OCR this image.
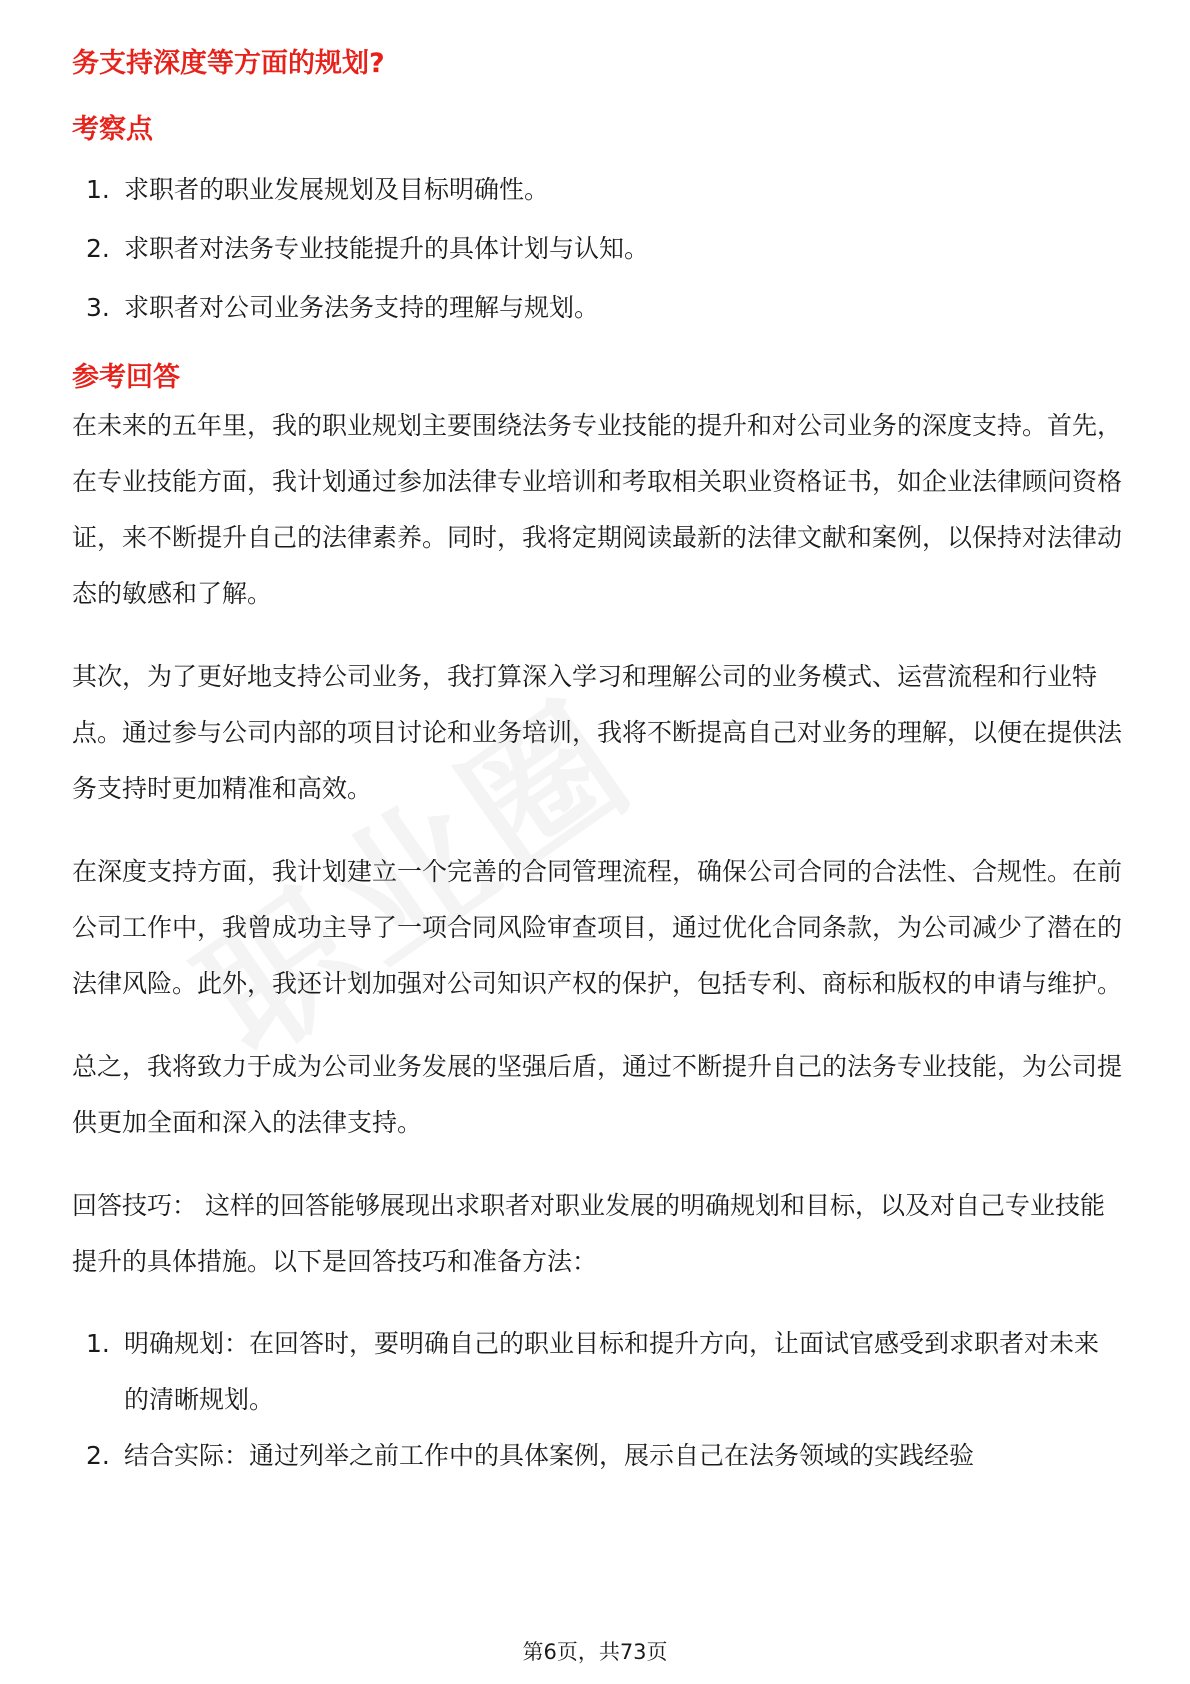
务支持深度等方面的规划?
考察点
1. 求职者的职业发展规划及目标明确性。
2. 求职者对法务专业技能提升的具体计划与认知。
3. 求职者对公司业务法务支持的理解与规划。
参考回答

在未来的五年里，我的职业规划主要围绕法务专业技能的提升和对公司业务的深度支持。首先，在专业技能方面，我计划通过参加法律专业培训和考取相关职业资格证书，如企业法律顾问资格证，来不断提升自己的法律素养。同时，我将定期阅读最新的法律文献和案例，以保持对法律动态的敏感和了解。

其次，为了更好地支持公司业务，我打算深入学习和理解公司的业务模式、运营流程和行业特点。通过参与公司内部的项目讨论和业务培训，我将不断提高自己对业务的理解，以便在提供法务支持时更加精准和高效。

在深度支持方面，我计划建立一个完善的合同管理流程，确保公司合同的合法性、合规性。在前公司工作中，我曾成功主导了一项合同风险审查项目，通过优化合同条款，为公司减少了潜在的法律风险。此外，我还计划加强对公司知识产权的保护，包括专利、商标和版权的申请与维护。

总之，我将致力于成为公司业务发展的坚强后盾，通过不断提升自己的法务专业技能，为公司提供更加全面和深入的法律支持。

回答技巧： 这样的回答能够展现出求职者对职业发展的明确规划和目标，以及对自己专业技能提升的具体措施。以下是回答技巧和准备方法：

1. 明确规划：在回答时，要明确自己的职业目标和提升方向，让面试官感受到求职者对未来的清晰规划。
2. 结合实际：通过列举之前工作中的具体案例，展示自己在法务领域的实践经验
第6页，共73页
